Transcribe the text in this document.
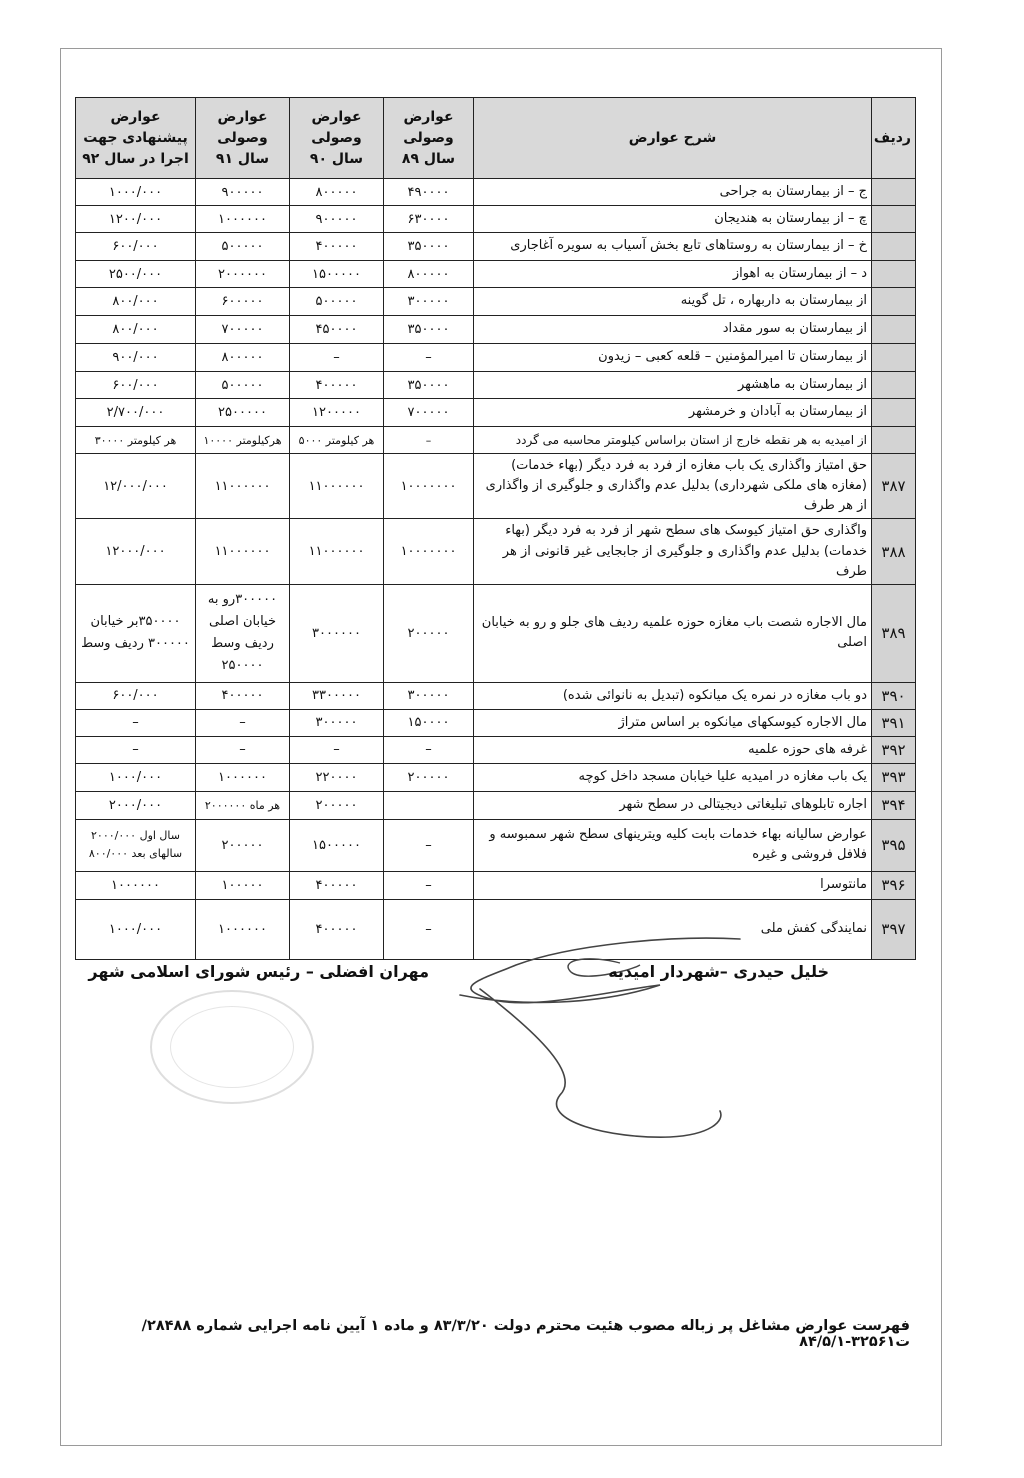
ردیف	شرح عوارض	عوارض وصولی سال ۸۹	عوارض وصولی سال ۹۰	عوارض وصولی سال ۹۱	عوارض پیشنهادی جهت اجرا در سال ۹۲
	ج – از بیمارستان به جراحی	۴۹۰۰۰۰	۸۰۰۰۰۰	۹۰۰۰۰۰	۱۰۰۰/۰۰۰
	چ – از بیمارستان به هندیجان	۶۳۰۰۰۰	۹۰۰۰۰۰	۱۰۰۰۰۰۰	۱۲۰۰/۰۰۰
	خ – از بیمارستان به روستاهای تابع بخش آسیاب به سویره آغاجاری	۳۵۰۰۰۰	۴۰۰۰۰۰	۵۰۰۰۰۰	۶۰۰/۰۰۰
	د – از بیمارستان به اهواز	۸۰۰۰۰۰	۱۵۰۰۰۰۰	۲۰۰۰۰۰۰	۲۵۰۰/۰۰۰
	از بیمارستان به داربهاره ، تل گوینه	۳۰۰۰۰۰	۵۰۰۰۰۰	۶۰۰۰۰۰	۸۰۰/۰۰۰
	از بیمارستان به سور مقداد	۳۵۰۰۰۰	۴۵۰۰۰۰	۷۰۰۰۰۰	۸۰۰/۰۰۰
	از بیمارستان تا امیرالمؤمنین – قلعه کعبی – زیدون	–	–	۸۰۰۰۰۰	۹۰۰/۰۰۰
	از بیمارستان به ماهشهر	۳۵۰۰۰۰	۴۰۰۰۰۰	۵۰۰۰۰۰	۶۰۰/۰۰۰
	از بیمارستان به آبادان و خرمشهر	۷۰۰۰۰۰	۱۲۰۰۰۰۰	۲۵۰۰۰۰۰	۲/۷۰۰/۰۰۰
	از امیدیه به هر نقطه خارج از استان براساس کیلومتر محاسبه می گردد	–	هر کیلومتر ۵۰۰۰	هرکیلومتر ۱۰۰۰۰	هر کیلومتر ۳۰۰۰۰
۳۸۷	حق امتیاز واگذاری یک باب مغازه از فرد به فرد دیگر (بهاء خدمات) (مغازه های ملکی شهرداری) بدلیل عدم واگذاری و جلوگیری از واگذاری از هر طرف	۱۰۰۰۰۰۰۰	۱۱۰۰۰۰۰۰	۱۱۰۰۰۰۰۰	۱۲/۰۰۰/۰۰۰
۳۸۸	واگذاری حق امتیاز کیوسک های سطح شهر از فرد به فرد دیگر (بهاء خدمات) بدلیل عدم واگذاری و جلوگیری از جابجایی غیر قانونی از هر طرف	۱۰۰۰۰۰۰۰	۱۱۰۰۰۰۰۰	۱۱۰۰۰۰۰۰	۱۲۰۰۰/۰۰۰
۳۸۹	مال الاجاره شصت باب مغازه حوزه علمیه ردیف های جلو و رو به خیابان اصلی	۲۰۰۰۰۰	۳۰۰۰۰۰۰	۳۰۰۰۰۰رو به خیابان اصلی ردیف وسط ۲۵۰۰۰۰	۳۵۰۰۰۰بر خیابان ۳۰۰۰۰۰ ردیف وسط
۳۹۰	دو باب مغازه در نمره یک میانکوه (تبدیل به نانوائی شده)	۳۰۰۰۰۰	۳۳۰۰۰۰۰	۴۰۰۰۰۰	۶۰۰/۰۰۰
۳۹۱	مال الاجاره کیوسکهای میانکوه بر اساس متراژ	۱۵۰۰۰۰	۳۰۰۰۰۰	–	–
۳۹۲	غرفه های حوزه علمیه	–	–	–	–
۳۹۳	یک باب مغازه در امیدیه علیا خیابان مسجد داخل کوچه	۲۰۰۰۰۰	۲۲۰۰۰۰	۱۰۰۰۰۰۰	۱۰۰۰/۰۰۰
۳۹۴	اجاره تابلوهای تبلیغاتی دیجیتالی در سطح شهر		۲۰۰۰۰۰	هر ماه ۲۰۰۰۰۰۰	۲۰۰۰/۰۰۰
۳۹۵	عوارض سالیانه بهاء خدمات بابت کلیه ویترینهای سطح شهر سمبوسه و فلافل فروشی و غیره	–	۱۵۰۰۰۰۰	۲۰۰۰۰۰	سال اول ۲۰۰۰/۰۰۰ سالهای بعد ۸۰۰/۰۰۰
۳۹۶	مانتوسرا	–	۴۰۰۰۰۰	۱۰۰۰۰۰	۱۰۰۰۰۰۰
۳۹۷	نمایندگی کفش ملی	–	۴۰۰۰۰۰	۱۰۰۰۰۰۰	۱۰۰۰/۰۰۰
خلیل حیدری –شهردار امیدیه
مهران افضلی – رئیس شورای اسلامی شهر
فهرست عوارض مشاغل پر زباله مصوب هئیت محترم دولت ۸۳/۳/۲۰ و ماده ۱ آیین نامه اجرایی شماره ۲۸۴۸۸/ت۳۲۵۶۱-۸۴/۵/۱
